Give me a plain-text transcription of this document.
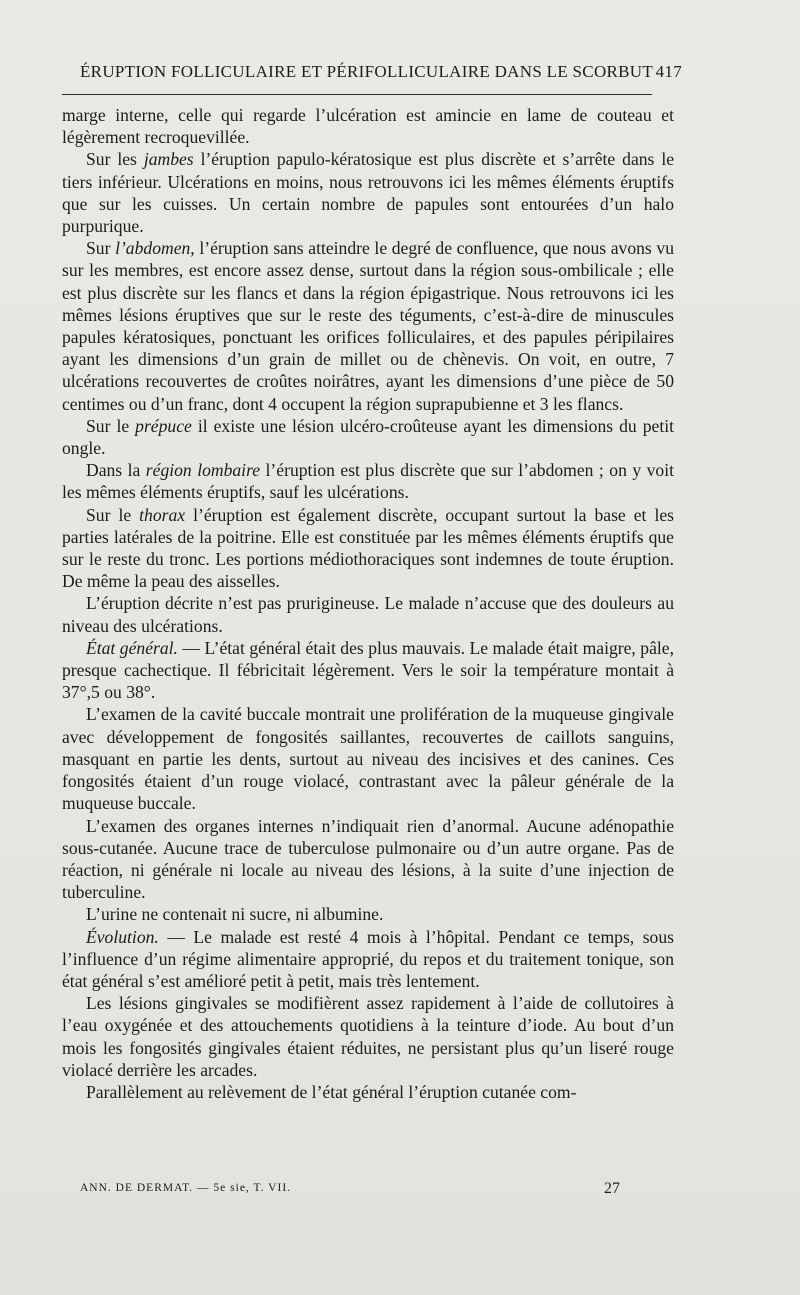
ÉRUPTION FOLLICULAIRE ET PÉRIFOLLICULAIRE DANS LE SCORBUT 417

marge interne, celle qui regarde l’ulcération est amincie en lame de couteau et légèrement recroquevillée.

Sur les jambes l’éruption papulo-kératosique est plus discrète et s’arrête dans le tiers inférieur. Ulcérations en moins, nous retrouvons ici les mêmes éléments éruptifs que sur les cuisses. Un certain nombre de papules sont entourées d’un halo purpurique.

Sur l’abdomen, l’éruption sans atteindre le degré de confluence, que nous avons vu sur les membres, est encore assez dense, surtout dans la région sous-ombilicale ; elle est plus discrète sur les flancs et dans la région épigastrique. Nous retrouvons ici les mêmes lésions éruptives que sur le reste des téguments, c’est-à-dire de minuscules papules kératosiques, ponctuant les orifices folliculaires, et des papules péripilaires ayant les dimensions d’un grain de millet ou de chènevis. On voit, en outre, 7 ulcérations recouvertes de croûtes noirâtres, ayant les dimensions d’une pièce de 50 centimes ou d’un franc, dont 4 occupent la région suprapubienne et 3 les flancs.

Sur le prépuce il existe une lésion ulcéro-croûteuse ayant les dimensions du petit ongle.

Dans la région lombaire l’éruption est plus discrète que sur l’abdomen ; on y voit les mêmes éléments éruptifs, sauf les ulcérations.

Sur le thorax l’éruption est également discrète, occupant surtout la base et les parties latérales de la poitrine. Elle est constituée par les mêmes éléments éruptifs que sur le reste du tronc. Les portions médiothoraciques sont indemnes de toute éruption. De même la peau des aisselles.

L’éruption décrite n’est pas prurigineuse. Le malade n’accuse que des douleurs au niveau des ulcérations.

État général. — L’état général était des plus mauvais. Le malade était maigre, pâle, presque cachectique. Il fébricitait légèrement. Vers le soir la température montait à 37°,5 ou 38°.

L’examen de la cavité buccale montrait une prolifération de la muqueuse gingivale avec développement de fongosités saillantes, recouvertes de caillots sanguins, masquant en partie les dents, surtout au niveau des incisives et des canines. Ces fongosités étaient d’un rouge violacé, contrastant avec la pâleur générale de la muqueuse buccale.

L’examen des organes internes n’indiquait rien d’anormal. Aucune adénopathie sous-cutanée. Aucune trace de tuberculose pulmonaire ou d’un autre organe. Pas de réaction, ni générale ni locale au niveau des lésions, à la suite d’une injection de tuberculine.

L’urine ne contenait ni sucre, ni albumine.

Évolution. — Le malade est resté 4 mois à l’hôpital. Pendant ce temps, sous l’influence d’un régime alimentaire approprié, du repos et du traitement tonique, son état général s’est amélioré petit à petit, mais très lentement.

Les lésions gingivales se modifièrent assez rapidement à l’aide de collutoires à l’eau oxygénée et des attouchements quotidiens à la teinture d’iode. Au bout d’un mois les fongosités gingivales étaient réduites, ne persistant plus qu’un liseré rouge violacé derrière les arcades.

Parallèlement au relèvement de l’état général l’éruption cutanée com-

ANN. DE DERMAT. — 5e sie, T. VII.	27
